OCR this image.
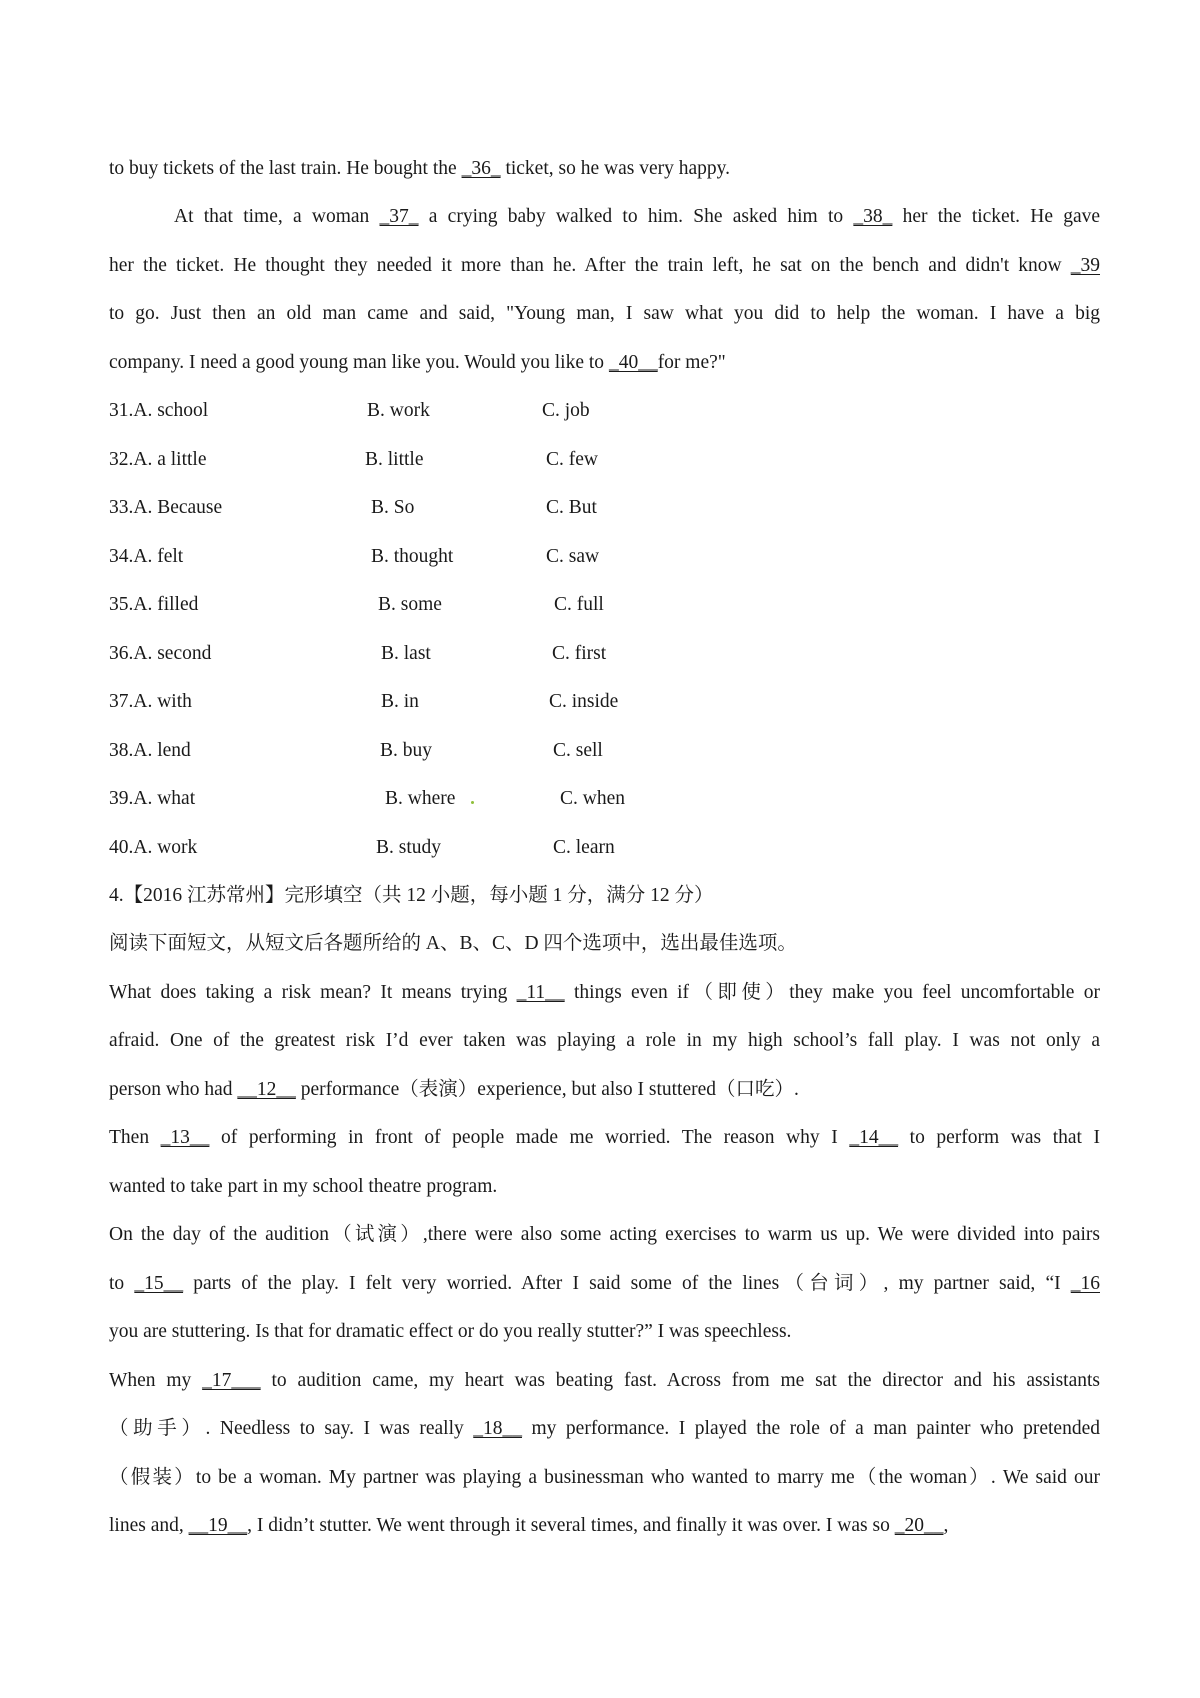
to buy tickets of the last train. He bought the _36_ ticket, so he was very happy.
At that time, a woman _37_ a crying baby walked to him. She asked him to _38_ her the ticket. He gave
her the ticket. He thought they needed it more than he. After the train left, he sat on the bench and didn't know _39
to go. Just then an old man came and said, "Young man, I saw what you did to help the woman. I have a big
company. I need a good young man like you. Would you like to _40__for me?"
31.A. school	B. work	C. job
32.A. a little	B. little	C. few
33.A. Because	B. So	C. But
34.A. felt	B. thought	C. saw
35.A. filled	B. some	C. full
36.A. second	B. last	C. first
37.A. with	B. in	C. inside
38.A. lend	B. buy	C. sell
39.A. what	B. where	C. when
40.A. work	B. study	C. learn
4.【2016 江苏常州】完形填空（共 12 小题，每小题 1 分，满分 12 分）
阅读下面短文，从短文后各题所给的 A、B、C、D 四个选项中，选出最佳选项。
What does taking a risk mean? It means trying _11__ things even if（即使）they make you feel uncomfortable or
afraid. One of the greatest risk I’d ever taken was playing a role in my high school’s fall play. I was not only a
person who had __12__ performance（表演）experience, but also I stuttered（口吃）.
Then _13__ of performing in front of people made me worried. The reason why I _14__ to perform was that I
wanted to take part in my school theatre program.
On the day of the audition（试演）,there were also some acting exercises to warm us up. We were divided into pairs
to _15__ parts of the play. I felt very worried. After I said some of the lines（台词）, my partner said, “I _16
you are stuttering. Is that for dramatic effect or do you really stutter?” I was speechless.
When my _17___ to audition came, my heart was beating fast. Across from me sat the director and his assistants
（助手）. Needless to say. I was really _18__ my performance. I played the role of a man painter who pretended
（假装）to be a woman. My partner was playing a businessman who wanted to marry me（the woman）. We said our
lines and, __19__, I didn’t stutter. We went through it several times, and finally it was over. I was so _20__,
